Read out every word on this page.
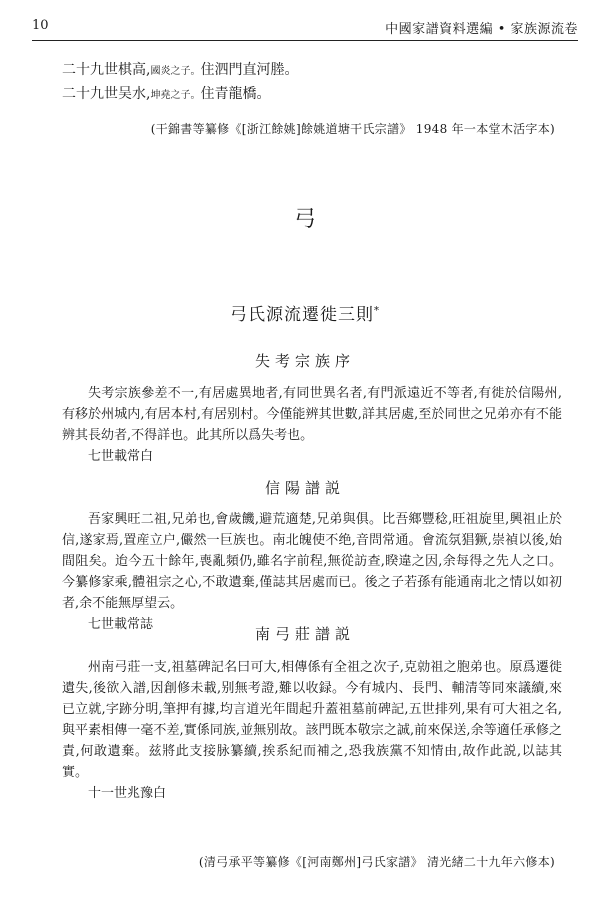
10	中國家譜資料選編 • 家族源流卷
二十九世棋高,國炎之子。住泗門直河塍。
二十九世吴水,坤堯之子。住青龍橋。
(干錦書等纂修《[浙江餘姚]餘姚道塘干氏宗譜》 1948 年一本堂木活字本)
弓
弓氏源流遷徙三則*
失考宗族序

失考宗族參差不一,有居處異地者,有同世異名者,有門派遠近不等者,有徙於信陽州,有移於州城内,有居本村,有居别村。今僅能辨其世數,詳其居處,至於同世之兄弟亦有不能辨其長幼者,不得詳也。此其所以爲失考也。

七世載常白

信陽譜説

吾家興旺二祖,兄弟也,會歲饑,避荒適楚,兄弟與俱。比吾鄉豐稔,旺祖旋里,興祖止於信,遂家焉,置産立户,儼然一巨族也。南北魄使不绝,音問常通。會流氛猖獗,崇禎以後,始間阻矣。迨今五十餘年,喪亂頻仍,雖名字前程,無從訪查,睽違之因,余每得之先人之口。今纂修家乘,體祖宗之心,不敢遺棄,僅誌其居處而已。後之子若孫有能通南北之情以如初者,余不能無厚望云。

七世載常誌

南弓莊譜説

州南弓莊一支,祖墓碑記名曰可大,相傳係有全祖之次子,克勍祖之胞弟也。原爲遷徙遺失,後欲入譜,因創修未載,别無考證,難以收録。今有城内、長門、輔清等同來議續,來已立就,字跡分明,筆押有據,均言道光年間起升蓋祖墓前碑記,五世排列,果有可大祖之名,與平素相傳一毫不差,實係同族,並無别故。該門既本敬宗之誠,前來保送,余等適任承修之責,何敢遺棄。兹將此支接脉纂續,挨系紀而補之,恐我族黨不知情由,故作此説,以誌其實。

十一世兆豫白

(清弓承平等纂修《[河南鄭州]弓氏家譜》 清光緒二十九年六修本)
